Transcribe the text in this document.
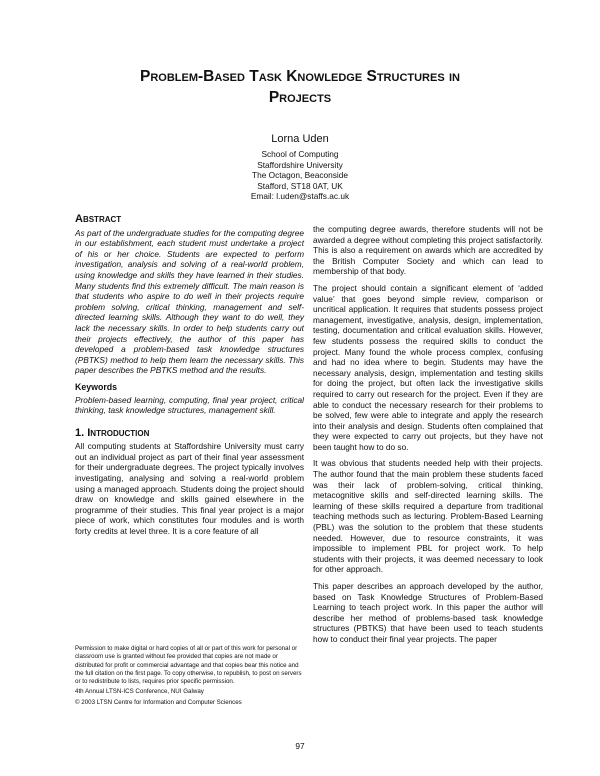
Problem-Based Task Knowledge Structures in
Projects
Lorna Uden
School of Computing
Staffordshire University
The Octagon, Beaconside
Stafford, ST18 0AT, UK
Email: l.uden@staffs.ac.uk
Abstract

As part of the undergraduate studies for the computing degree in our establishment, each student must undertake a project of his or her choice. Students are expected to perform investigation, analysis and solving of a real-world problem, using knowledge and skills they have learned in their studies. Many students find this extremely difficult. The main reason is that students who aspire to do well in their projects require problem solving, critical thinking, management and self-directed learning skills. Although they want to do well, they lack the necessary skills. In order to help students carry out their projects effectively, the author of this paper has developed a problem-based task knowledge structures (PBTKS) method to help them learn the necessary skills. This paper describes the PBTKS method and the results.

Keywords

Problem-based learning, computing, final year project, critical thinking, task knowledge structures, management skill.

1. Introduction

All computing students at Staffordshire University must carry out an individual project as part of their final year assessment for their undergraduate degrees. The project typically involves investigating, analysing and solving a real-world problem using a managed approach. Students doing the project should draw on knowledge and skills gained elsewhere in the programme of their studies. This final year project is a major piece of work, which constitutes four modules and is worth forty credits at level three. It is a core feature of all

Permission to make digital or hard copies of all or part of this work for personal or classroom use is granted without fee provided that copies are not made or distributed for profit or commercial advantage and that copies bear this notice and the full citation on the first page. To copy otherwise, to republish, to post on servers or to redistribute to lists, requires prior specific permission.

4th Annual LTSN-ICS Conference, NUI Galway

© 2003 LTSN Centre for Information and Computer Sciences

the computing degree awards, therefore students will not be awarded a degree without completing this project satisfactorily. This is also a requirement on awards which are accredited by the British Computer Society and which can lead to membership of that body.

The project should contain a significant element of ‘added value’ that goes beyond simple review, comparison or uncritical application. It requires that students possess project management, investigative, analysis, design, implementation, testing, documentation and critical evaluation skills. However, few students possess the required skills to conduct the project. Many found the whole process complex, confusing and had no idea where to begin. Students may have the necessary analysis, design, implementation and testing skills for doing the project, but often lack the investigative skills required to carry out research for the project. Even if they are able to conduct the necessary research for their problems to be solved, few were able to integrate and apply the research into their analysis and design. Students often complained that they were expected to carry out projects, but they have not been taught how to do so.

It was obvious that students needed help with their projects. The author found that the main problem these students faced was their lack of problem-solving, critical thinking, metacognitive skills and self-directed learning skills. The learning of these skills required a departure from traditional teaching methods such as lecturing. Problem-Based Learning (PBL) was the solution to the problem that these students needed. However, due to resource constraints, it was impossible to implement PBL for project work. To help students with their projects, it was deemed necessary to look for other approach.

This paper describes an approach developed by the author, based on Task Knowledge Structures of Problem-Based Learning to teach project work. In this paper the author will describe her method of problems-based task knowledge structures (PBTKS) that have been used to teach students how to conduct their final year projects. The paper

97
